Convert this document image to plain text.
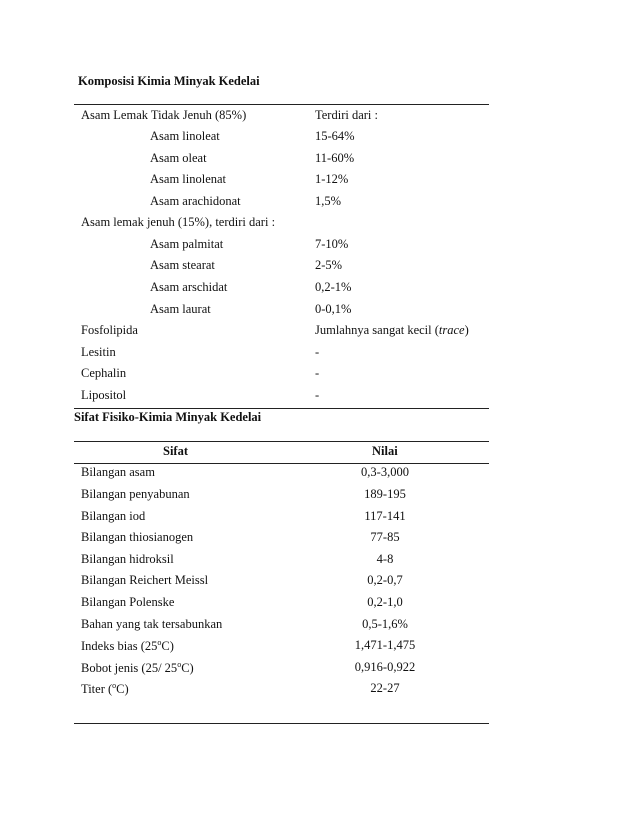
Komposisi Kimia Minyak Kedelai
Asam Lemak Tidak Jenuh (85%)	Terdiri dari :
Asam linoleat	15-64%
Asam oleat	11-60%
Asam linolenat	1-12%
Asam arachidonat	1,5%
Asam lemak jenuh (15%), terdiri dari :
Asam palmitat	7-10%
Asam stearat	2-5%
Asam arschidat	0,2-1%
Asam laurat	0-0,1%
Fosfolipida	Jumlahnya sangat kecil (trace)
Lesitin	-
Cephalin	-
Lipositol	-
Sifat Fisiko-Kimia Minyak Kedelai
Sifat	Nilai
Bilangan asam	0,3-3,000
Bilangan penyabunan	189-195
Bilangan iod	117-141
Bilangan thiosianogen	77-85
Bilangan hidroksil	4-8
Bilangan Reichert Meissl	0,2-0,7
Bilangan Polenske	0,2-1,0
Bahan yang tak tersabunkan	0,5-1,6%
Indeks bias (25$^o$C)	1,471-1,475
Bobot jenis (25/ 25$^o$C)	0,916-0,922
Titer ($^o$C)	22-27
